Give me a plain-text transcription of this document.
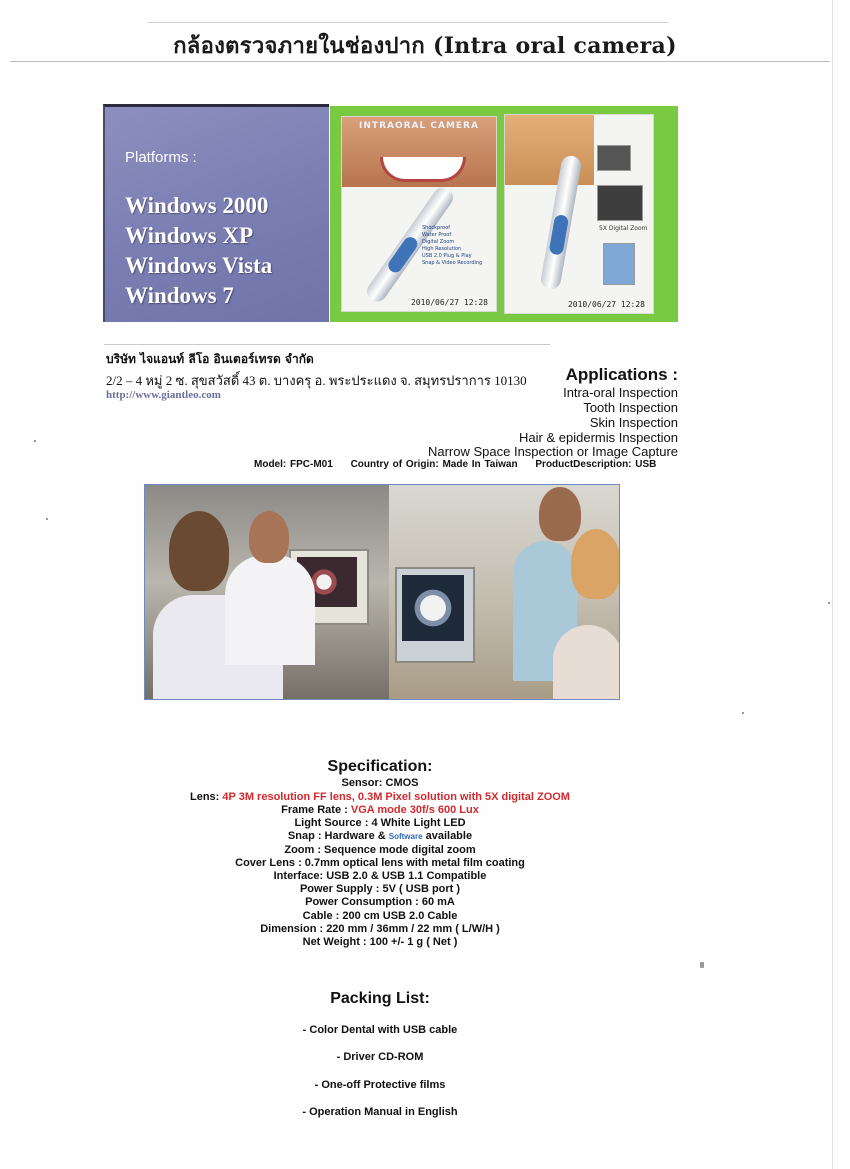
กล้องตรวจภายในช่องปาก (Intra oral camera)
Platforms :
Windows 2000
Windows XP
Windows Vista
Windows 7
INTRAORAL CAMERA
Shockproof
Water Proof
Digital Zoom
High Resolution
USB 2.0 Plug & Play
Snap & Video Recording
2010/06/27 12:28
5X Digital Zoom
2010/06/27 12:28
บริษัท ไจแอนท์ ลีโอ อินเตอร์เทรด จำกัด
2/2 – 4 หมู่ 2 ซ. สุขสวัสดิ์ 43 ต. บางครุ อ. พระประแดง จ. สมุทรปราการ 10130
http://www.giantleo.com
Applications :
Intra-oral Inspection
Tooth Inspection
Skin Inspection
Hair & epidermis Inspection
Narrow Space Inspection or Image Capture
Model: FPC-M01 Country of Origin: Made In Taiwan ProductDescription: USB
Specification:
Sensor: CMOS
Lens: 4P 3M resolution FF lens, 0.3M Pixel solution with 5X digital ZOOM
Frame Rate : VGA mode 30f/s 600 Lux
Light Source : 4 White Light LED
Snap : Hardware & Software available
Zoom : Sequence mode digital zoom
Cover Lens : 0.7mm optical lens with metal film coating
Interface: USB 2.0 & USB 1.1 Compatible
Power Supply : 5V ( USB port )
Power Consumption : 60 mA
Cable : 200 cm USB 2.0 Cable
Dimension : 220 mm / 36mm / 22 mm ( L/W/H )
Net Weight : 100 +/- 1 g ( Net )
Packing List:
- Color Dental with USB cable
- Driver CD-ROM
- One-off Protective films
- Operation Manual in English
